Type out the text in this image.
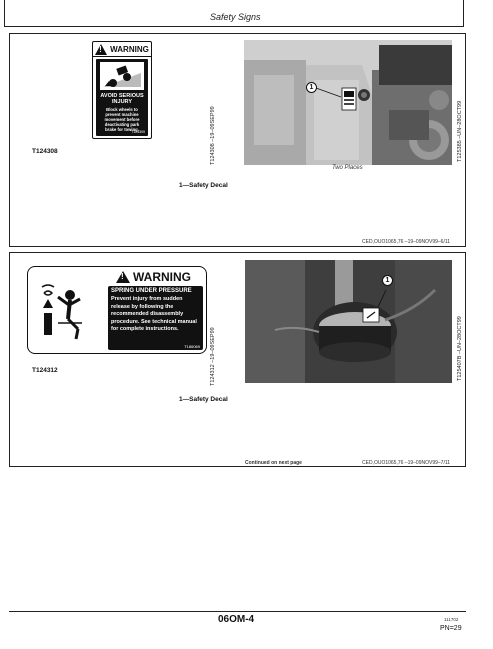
Safety Signs
!
WARNING
AVOID SERIOUS INJURY
Block wheels to prevent machine movement before deactivating park brake for towing.
T124309
T124308	T124308 –19–09SEP99
1
T125385 –UN–28OCT99
Two Places
1—Safety Decal
CED,OUO1065,76 –19–09NOV99–6/11
!
WARNING
SPRING UNDER PRESSURE
Prevent injury from sudden release by following the recommended disassembly procedure. See technical manual for complete instructions.
T186069 T124312 –19–09SEP99
T124312
1
T125407B –UN–28OCT99
1—Safety Decal
Continued on next page	CED,OUO1065,76 –19–09NOV99–7/11
06OM-4	111702
PN=29
